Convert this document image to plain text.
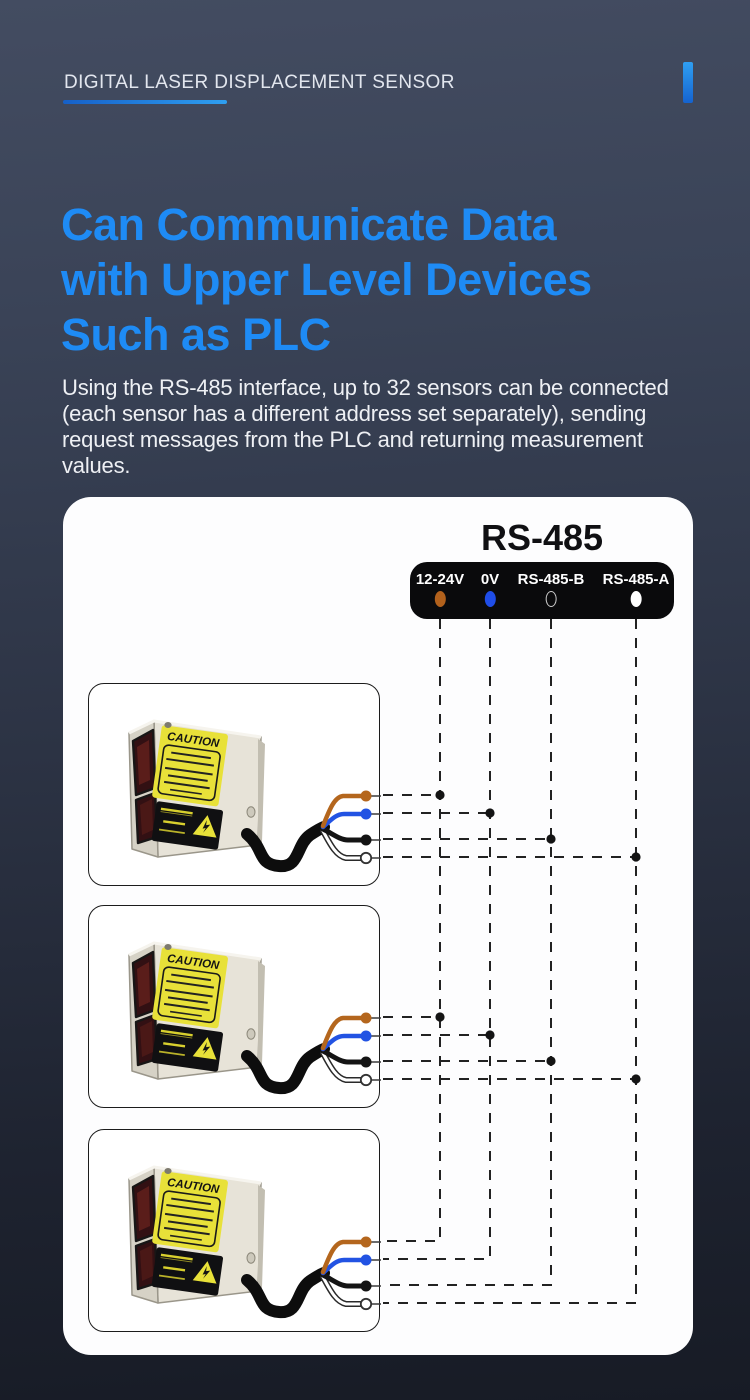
DIGITAL LASER DISPLACEMENT SENSOR
Can Communicate Data
with Upper Level Devices
Such as PLC
Using the RS-485 interface, up to 32 sensors can be connected
(each sensor has a different address set separately), sending
request messages from the PLC and returning measurement
values.
RS-485
12-24V 0V RS-485-B RS-485-A
